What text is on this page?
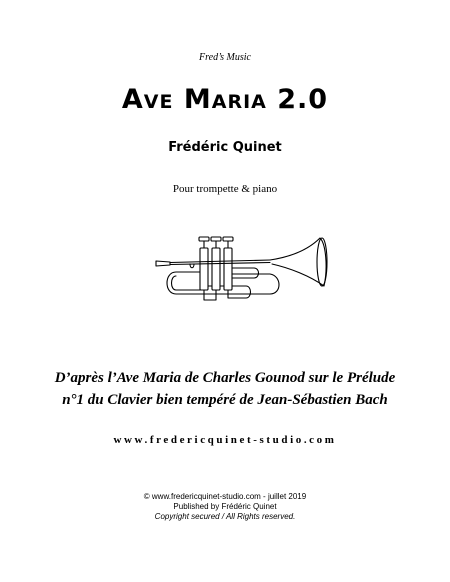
Fred’s Music
Ave Maria 2.0
Frédéric Quinet
Pour trompette & piano
D’après l’Ave Maria de Charles Gounod sur le Prélude
n°1 du Clavier bien tempéré de Jean-Sébastien Bach
www.fredericquinet-studio.com
© www.fredericquinet-studio.com - juillet 2019
Published by Frédéric Quinet
Copyright secured / All Rights reserved.
